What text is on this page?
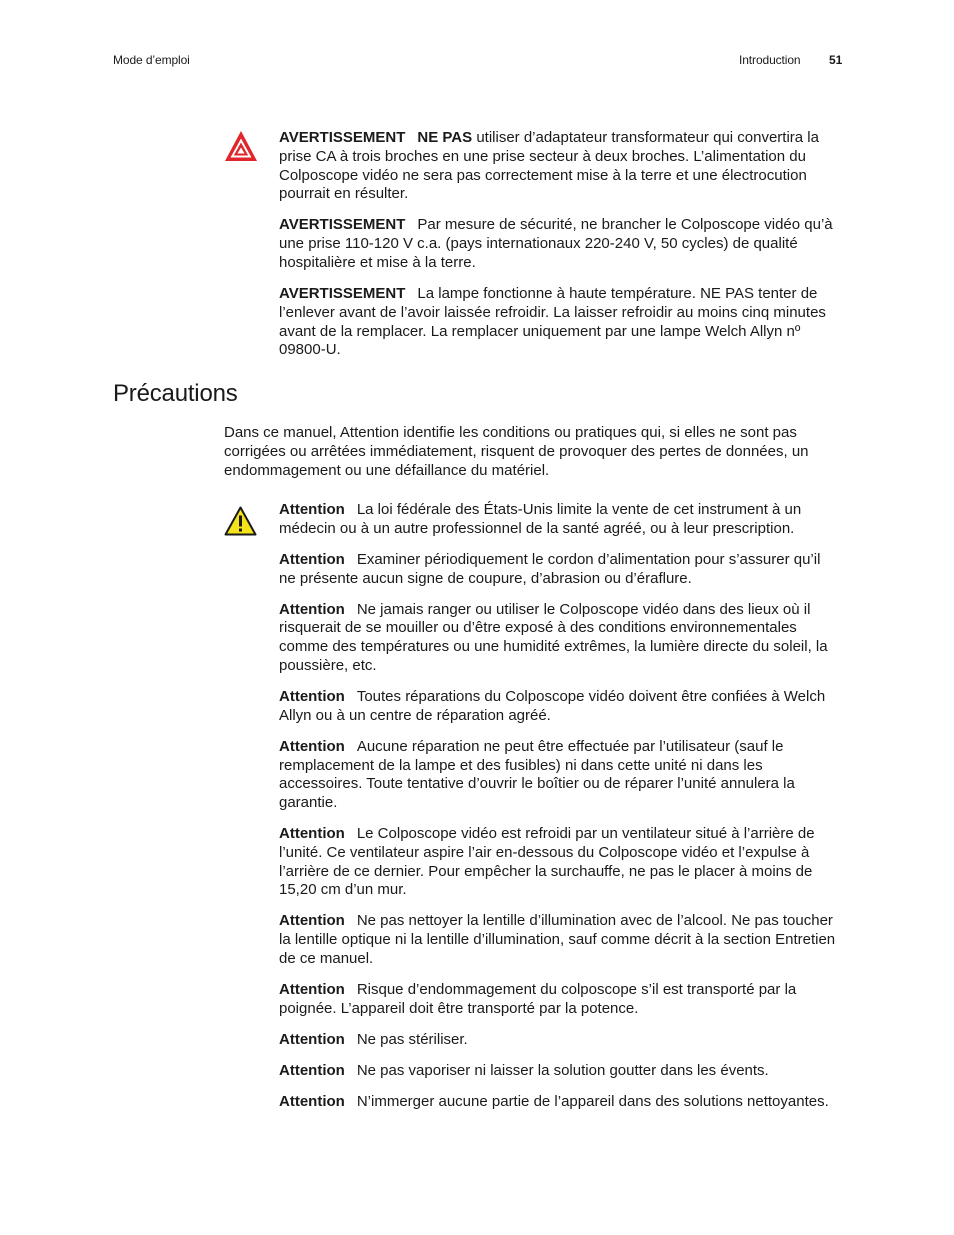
Mode d’emploi	Introduction 51

AVERTISSEMENT NE PAS utiliser d’adaptateur transformateur qui convertira la prise CA à trois broches en une prise secteur à deux broches. L’alimentation du Colposcope vidéo ne sera pas correctement mise à la terre et une électrocution pourrait en résulter.

AVERTISSEMENT Par mesure de sécurité, ne brancher le Colposcope vidéo qu’à une prise 110-120 V c.a. (pays internationaux 220-240 V, 50 cycles) de qualité hospitalière et mise à la terre.

AVERTISSEMENT La lampe fonctionne à haute température. NE PAS tenter de l’enlever avant de l’avoir laissée refroidir. La laisser refroidir au moins cinq minutes avant de la remplacer. La remplacer uniquement par une lampe Welch Allyn nº 09800-U.

Précautions

Dans ce manuel, Attention identifie les conditions ou pratiques qui, si elles ne sont pas corrigées ou arrêtées immédiatement, risquent de provoquer des pertes de données, un endommagement ou une défaillance du matériel.

Attention La loi fédérale des États-Unis limite la vente de cet instrument à un médecin ou à un autre professionnel de la santé agréé, ou à leur prescription.

Attention Examiner périodiquement le cordon d’alimentation pour s’assurer qu’il ne présente aucun signe de coupure, d’abrasion ou d’éraflure.

Attention Ne jamais ranger ou utiliser le Colposcope vidéo dans des lieux où il risquerait de se mouiller ou d’être exposé à des conditions environnementales comme des températures ou une humidité extrêmes, la lumière directe du soleil, la poussière, etc.

Attention Toutes réparations du Colposcope vidéo doivent être confiées à Welch Allyn ou à un centre de réparation agréé.

Attention Aucune réparation ne peut être effectuée par l’utilisateur (sauf le remplacement de la lampe et des fusibles) ni dans cette unité ni dans les accessoires. Toute tentative d’ouvrir le boîtier ou de réparer l’unité annulera la garantie.

Attention Le Colposcope vidéo est refroidi par un ventilateur situé à l’arrière de l’unité. Ce ventilateur aspire l’air en-dessous du Colposcope vidéo et l’expulse à l’arrière de ce dernier. Pour empêcher la surchauffe, ne pas le placer à moins de 15,20 cm d’un mur.

Attention Ne pas nettoyer la lentille d’illumination avec de l’alcool. Ne pas toucher la lentille optique ni la lentille d’illumination, sauf comme décrit à la section Entretien de ce manuel.

Attention Risque d’endommagement du colposcope s’il est transporté par la poignée. L’appareil doit être transporté par la potence.

Attention Ne pas stériliser.

Attention Ne pas vaporiser ni laisser la solution goutter dans les évents.

Attention N’immerger aucune partie de l’appareil dans des solutions nettoyantes.
